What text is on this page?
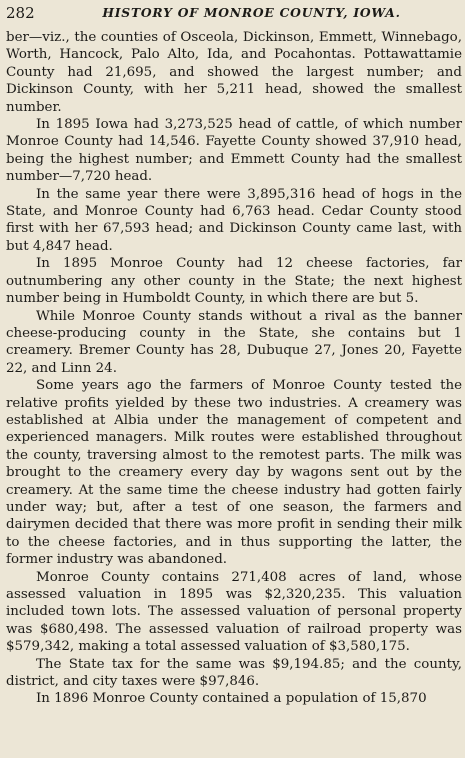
282	HISTORY OF MONROE COUNTY, IOWA.

ber—viz., the counties of Osceola, Dickinson, Emmett, Winnebago, Worth, Hancock, Palo Alto, Ida, and Pocahontas. Pottawattamie County had 21,695, and showed the largest number; and Dickinson County, with her 5,211 head, showed the smallest number.

In 1895 Iowa had 3,273,525 head of cattle, of which number Monroe County had 14,546. Fayette County showed 37,910 head, being the highest number; and Emmett County had the smallest number—7,720 head.

In the same year there were 3,895,316 head of hogs in the State, and Monroe County had 6,763 head. Cedar County stood first with her 67,593 head; and Dickinson County came last, with but 4,847 head.

In 1895 Monroe County had 12 cheese factories, far outnumbering any other county in the State; the next highest number being in Humboldt County, in which there are but 5.

While Monroe County stands without a rival as the banner cheese-producing county in the State, she contains but 1 creamery. Bremer County has 28, Dubuque 27, Jones 20, Fayette 22, and Linn 24.

Some years ago the farmers of Monroe County tested the relative profits yielded by these two industries. A creamery was established at Albia under the management of competent and experienced managers. Milk routes were established throughout the county, traversing almost to the remotest parts. The milk was brought to the creamery every day by wagons sent out by the creamery. At the same time the cheese industry had gotten fairly under way; but, after a test of one season, the farmers and dairymen decided that there was more profit in sending their milk to the cheese factories, and in thus supporting the latter, the former industry was abandoned.

Monroe County contains 271,408 acres of land, whose assessed valuation in 1895 was $2,320,235. This valuation included town lots. The assessed valuation of personal property was $680,498. The assessed valuation of railroad property was $579,342, making a total assessed valuation of $3,580,175.

The State tax for the same was $9,194.85; and the county, district, and city taxes were $97,846.

In 1896 Monroe County contained a population of 15,870
